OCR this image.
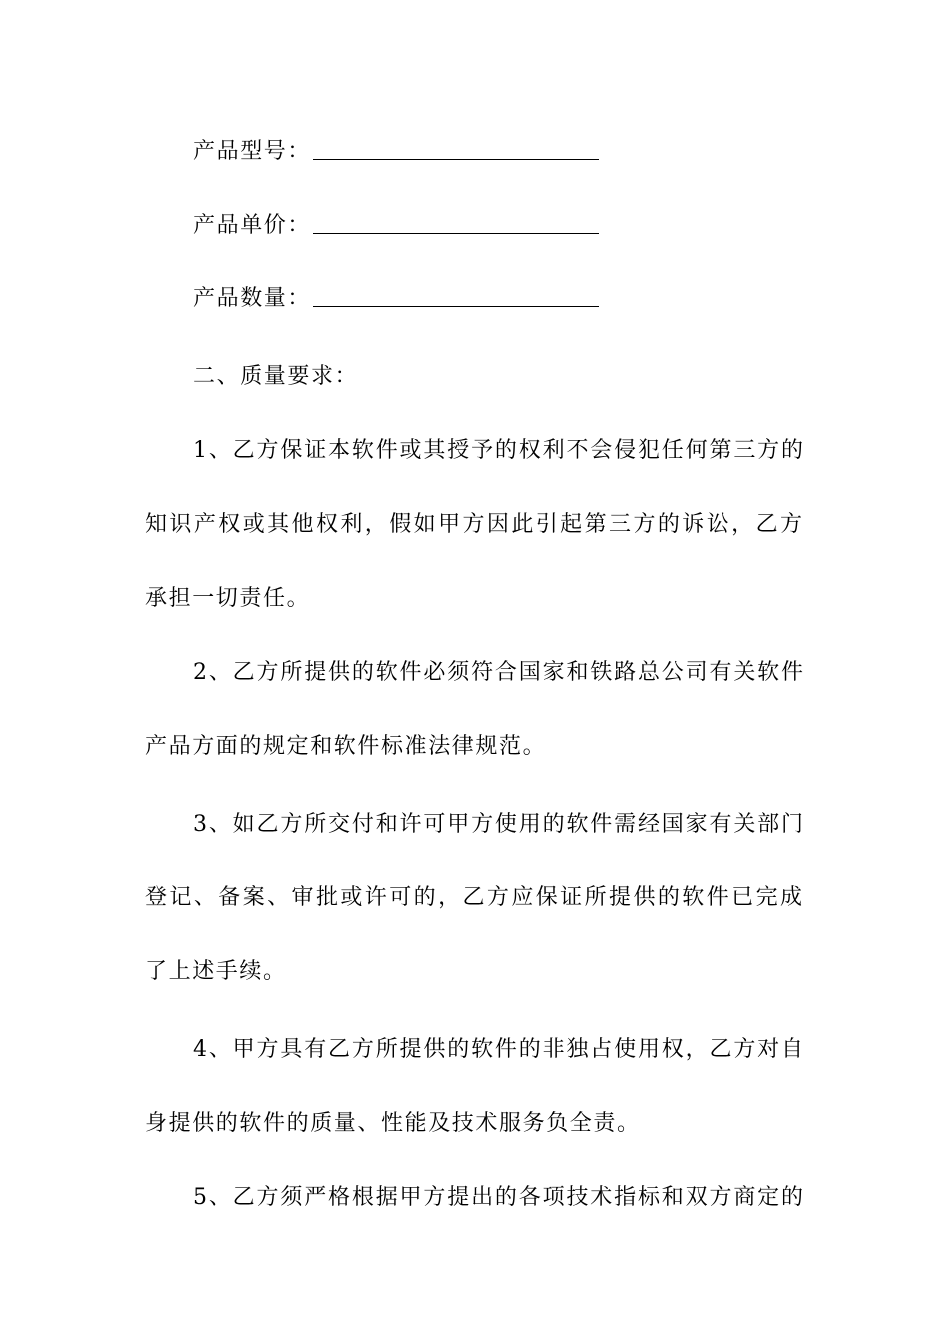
产品型号：
产品单价：
产品数量：
二、质量要求：
1、乙方保证本软件或其授予的权利不会侵犯任何第三方的
知识产权或其他权利，假如甲方因此引起第三方的诉讼，乙方
承担一切责任。
2、乙方所提供的软件必须符合国家和铁路总公司有关软件
产品方面的规定和软件标准法律规范。
3、如乙方所交付和许可甲方使用的软件需经国家有关部门
登记、备案、审批或许可的，乙方应保证所提供的软件已完成
了上述手续。
4、甲方具有乙方所提供的软件的非独占使用权，乙方对自
身提供的软件的质量、性能及技术服务负全责。
5、乙方须严格根据甲方提出的各项技术指标和双方商定的
